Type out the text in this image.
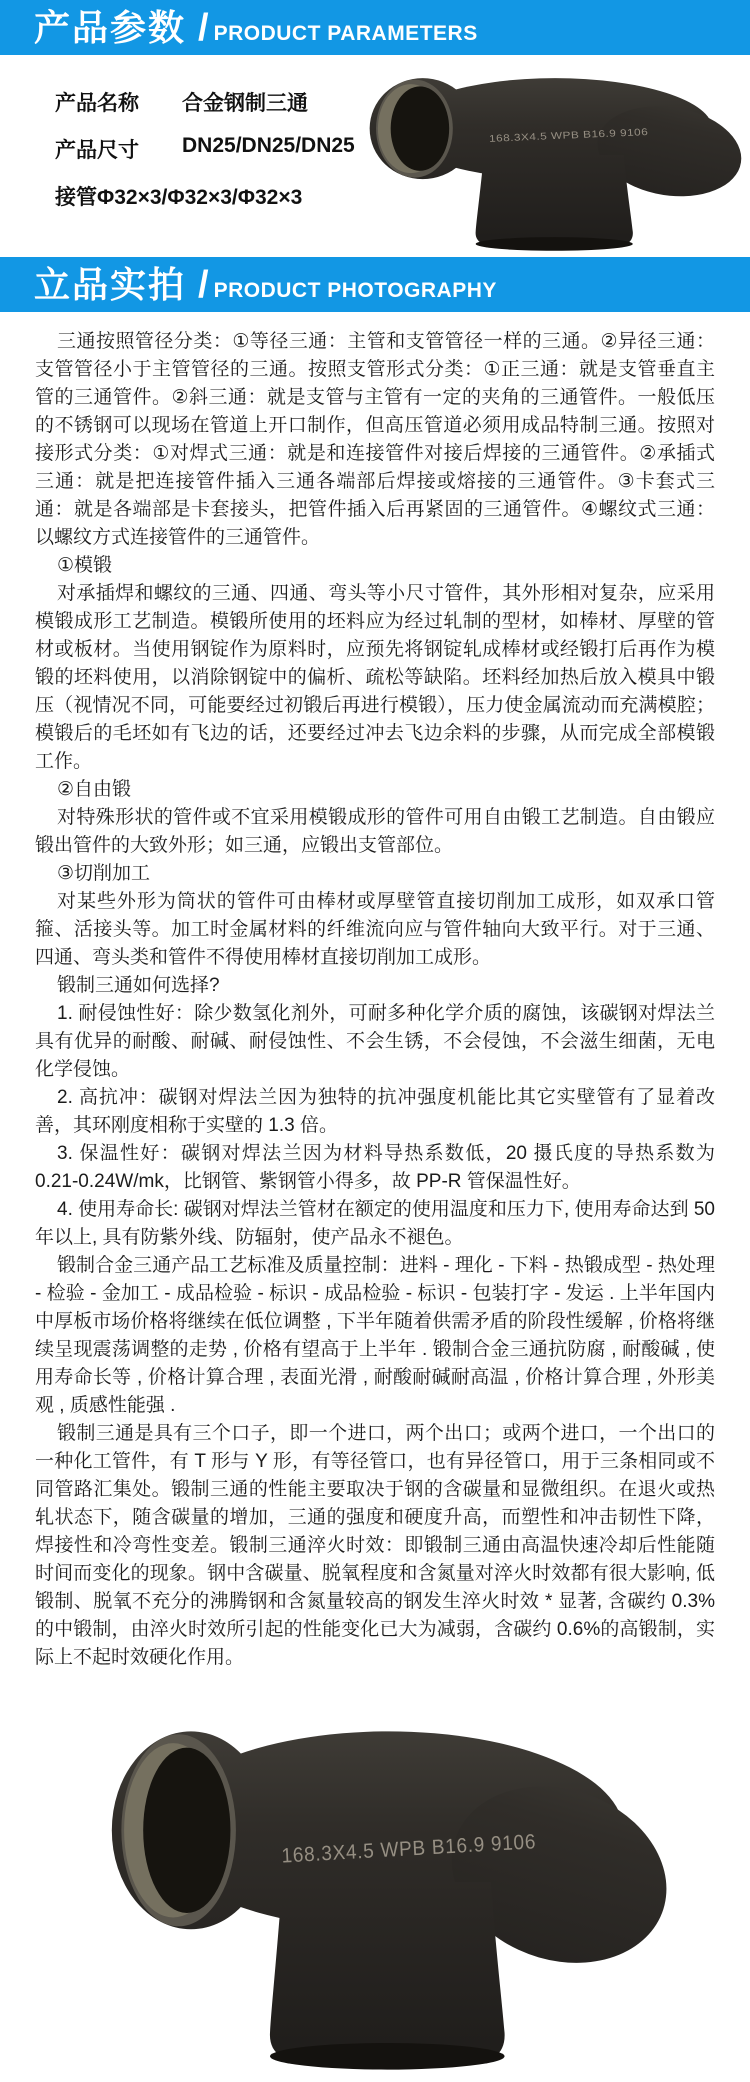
产品参数 / PRODUCT PARAMETERS
产品名称	合金钢制三通
产品尺寸	DN25/DN25/DN25
接管Φ32×3/Φ32×3/Φ32×3
168.3X4.5 WPB B16.9 9106
立品实拍 / PRODUCT PHOTOGRAPHY

三通按照管径分类：①等径三通：主管和支管管径一样的三通。②异径三通：支管管径小于主管管径的三通。按照支管形式分类：①正三通：就是支管垂直主管的三通管件。②斜三通：就是支管与主管有一定的夹角的三通管件。一般低压的不锈钢可以现场在管道上开口制作，但高压管道必须用成品特制三通。按照对接形式分类：①对焊式三通：就是和连接管件对接后焊接的三通管件。②承插式三通：就是把连接管件插入三通各端部后焊接或熔接的三通管件。③卡套式三通：就是各端部是卡套接头，把管件插入后再紧固的三通管件。④螺纹式三通：以螺纹方式连接管件的三通管件。

①模锻

对承插焊和螺纹的三通、四通、弯头等小尺寸管件，其外形相对复杂，应采用模锻成形工艺制造。模锻所使用的坯料应为经过轧制的型材，如棒材、厚壁的管材或板材。当使用钢锭作为原料时，应预先将钢锭轧成棒材或经锻打后再作为模锻的坯料使用，以消除钢锭中的偏析、疏松等缺陷。坯料经加热后放入模具中锻压（视情况不同，可能要经过初锻后再进行模锻），压力使金属流动而充满模腔；模锻后的毛坯如有飞边的话，还要经过冲去飞边余料的步骤，从而完成全部模锻工作。

②自由锻

对特殊形状的管件或不宜采用模锻成形的管件可用自由锻工艺制造。自由锻应锻出管件的大致外形；如三通，应锻出支管部位。

③切削加工

对某些外形为筒状的管件可由棒材或厚壁管直接切削加工成形，如双承口管箍、活接头等。加工时金属材料的纤维流向应与管件轴向大致平行。对于三通、四通、弯头类和管件不得使用棒材直接切削加工成形。

锻制三通如何选择?

1. 耐侵蚀性好：除少数氢化剂外，可耐多种化学介质的腐蚀，该碳钢对焊法兰具有优异的耐酸、耐碱、耐侵蚀性、不会生锈，不会侵蚀，不会滋生细菌，无电化学侵蚀。

2. 高抗冲：碳钢对焊法兰因为独特的抗冲强度机能比其它实壁管有了显着改善，其环刚度相称于实壁的 1.3 倍。

3. 保温性好：碳钢对焊法兰因为材料导热系数低，20 摄氏度的导热系数为 0.21-0.24W/mk，比钢管、紫钢管小得多，故 PP-R 管保温性好。

4. 使用寿命长: 碳钢对焊法兰管材在额定的使用温度和压力下, 使用寿命达到 50 年以上, 具有防紫外线、防辐射，使产品永不褪色。

锻制合金三通产品工艺标准及质量控制：进料 - 理化 - 下料 - 热锻成型 - 热处理 - 检验 - 金加工 - 成品检验 - 标识 - 成品检验 - 标识 - 包装打字 - 发运 . 上半年国内中厚板市场价格将继续在低位调整 , 下半年随着供需矛盾的阶段性缓解 , 价格将继续呈现震荡调整的走势 , 价格有望高于上半年 . 锻制合金三通抗防腐 , 耐酸碱 , 使用寿命长等 , 价格计算合理 , 表面光滑 , 耐酸耐碱耐高温 , 价格计算合理 , 外形美观 , 质感性能强 .

锻制三通是具有三个口子，即一个进口，两个出口；或两个进口，一个出口的一种化工管件，有 T 形与 Y 形，有等径管口，也有异径管口，用于三条相同或不同管路汇集处。锻制三通的性能主要取决于钢的含碳量和显微组织。在退火或热轧状态下，随含碳量的增加，三通的强度和硬度升高，而塑性和冲击韧性下降，焊接性和冷弯性变差。锻制三通淬火时效：即锻制三通由高温快速冷却后性能随时间而变化的现象。钢中含碳量、脱氧程度和含氮量对淬火时效都有很大影响, 低锻制、脱氧不充分的沸腾钢和含氮量较高的钢发生淬火时效 * 显著, 含碳约 0.3%的中锻制，由淬火时效所引起的性能变化已大为减弱，含碳约 0.6%的高锻制，实际上不起时效硬化作用。

168.3X4.5 WPB B16.9 9106
